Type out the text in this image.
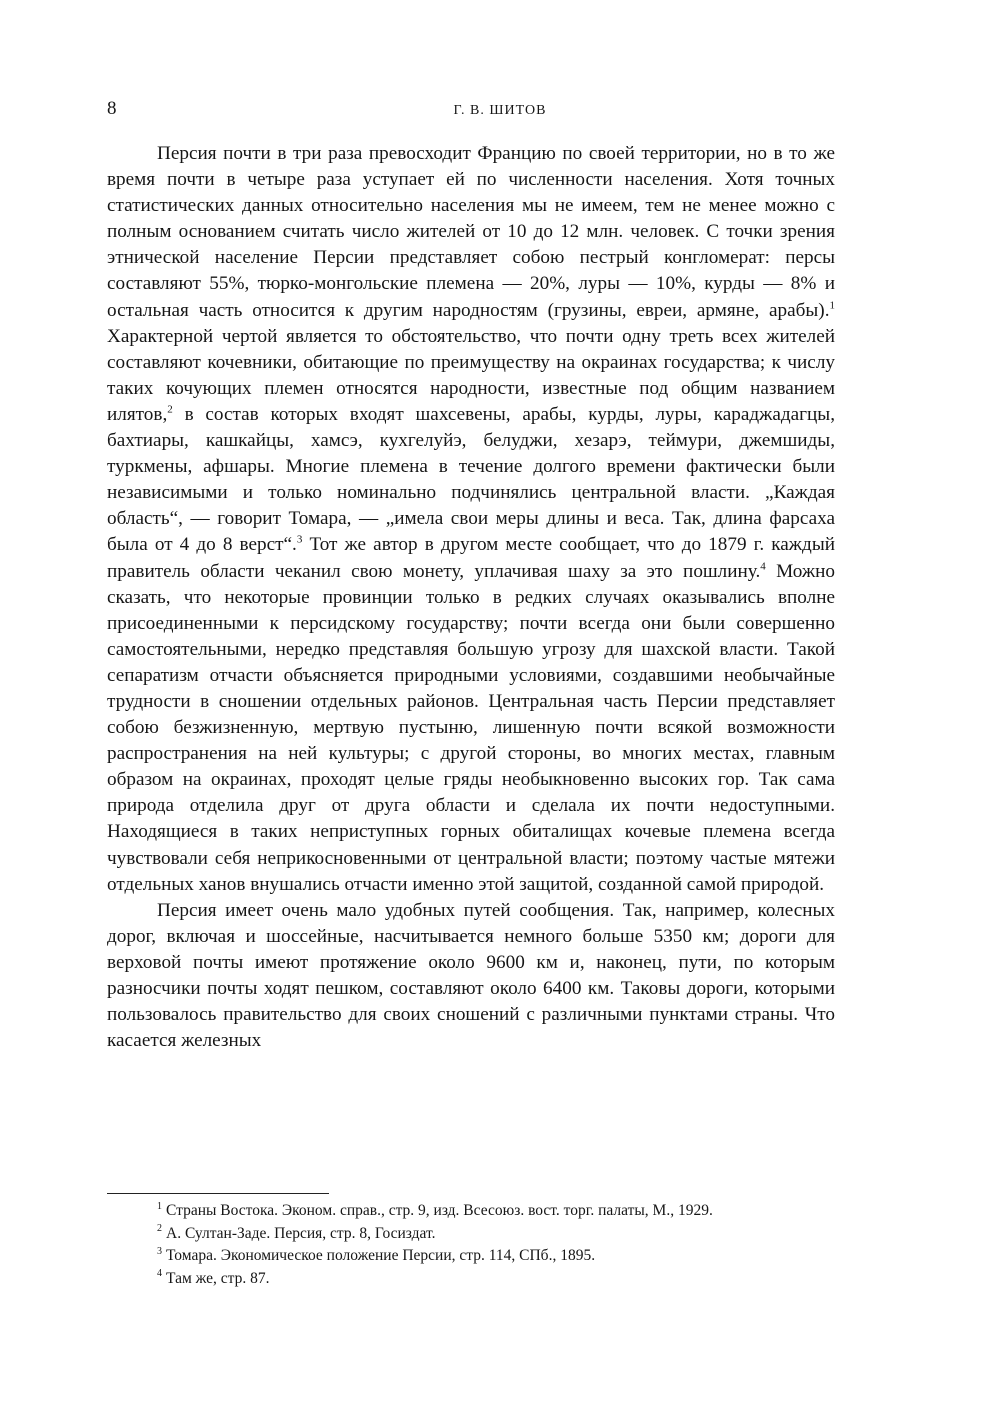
8	Г. В. ШИТОВ

Персия почти в три раза превосходит Францию по своей территории, но в то же время почти в четыре раза уступает ей по численности населения. Хотя точных статистических данных относительно населения мы не имеем, тем не менее можно с полным основанием считать число жителей от 10 до 12 млн. человек. С точки зрения этнической население Персии представляет собою пестрый конгломерат: персы составляют 55%, тюрко-монгольские племена — 20%, луры — 10%, курды — 8% и остальная часть относится к другим народностям (грузины, евреи, армяне, арабы).$^1$ Характерной чертой является то обстоятельство, что почти одну треть всех жителей составляют кочевники, обитающие по преимуществу на окраинах государства; к числу таких кочующих племен относятся народности, известные под общим названием илятов,$^2$ в состав которых входят шахсевены, арабы, курды, луры, караджадагцы, бахтиары, кашкайцы, хамсэ, кухгелуйэ, белуджи, хезарэ, теймури, джемшиды, туркмены, афшары. Многие племена в течение долгого времени фактически были независимыми и только номинально подчинялись центральной власти. „Каждая область“, — говорит Томара, — „имела свои меры длины и веса. Так, длина фарсаха была от 4 до 8 верст“.$^3$ Тот же автор в другом месте сообщает, что до 1879 г. каждый правитель области чеканил свою монету, уплачивая шаху за это пошлину.$^4$ Можно сказать, что некоторые провинции только в редких случаях оказывались вполне присоединенными к персидскому государству; почти всегда они были совершенно самостоятельными, нередко представляя большую угрозу для шахской власти. Такой сепаратизм отчасти объясняется природными условиями, создавшими необычайные трудности в сношении отдельных районов. Центральная часть Персии представляет собою безжизненную, мертвую пустыню, лишенную почти всякой возможности распространения на ней культуры; с другой стороны, во многих местах, главным образом на окраинах, проходят целые гряды необыкновенно высоких гор. Так сама природа отделила друг от друга области и сделала их почти недоступными. Находящиеся в таких неприступных горных обиталищах кочевые племена всегда чувствовали себя неприкосновенными от центральной власти; поэтому частые мятежи отдельных ханов внушались отчасти именно этой защитой, созданной самой природой.

Персия имеет очень мало удобных путей сообщения. Так, например, колесных дорог, включая и шоссейные, насчитывается немного больше 5350 км; дороги для верховой почты имеют протяжение около 9600 км и, наконец, пути, по которым разносчики почты ходят пешком, составляют около 6400 км. Таковы дороги, которыми пользовалось правительство для своих сношений с различными пунктами страны. Что касается железных

$^1$ Страны Востока. Эконом. справ., стр. 9, изд. Всесоюз. вост. торг. палаты, М., 1929.

$^2$ А. Султан-Заде. Персия, стр. 8, Госиздат.

$^3$ Томара. Экономическое положение Персии, стр. 114, СПб., 1895.

$^4$ Там же, стр. 87.
